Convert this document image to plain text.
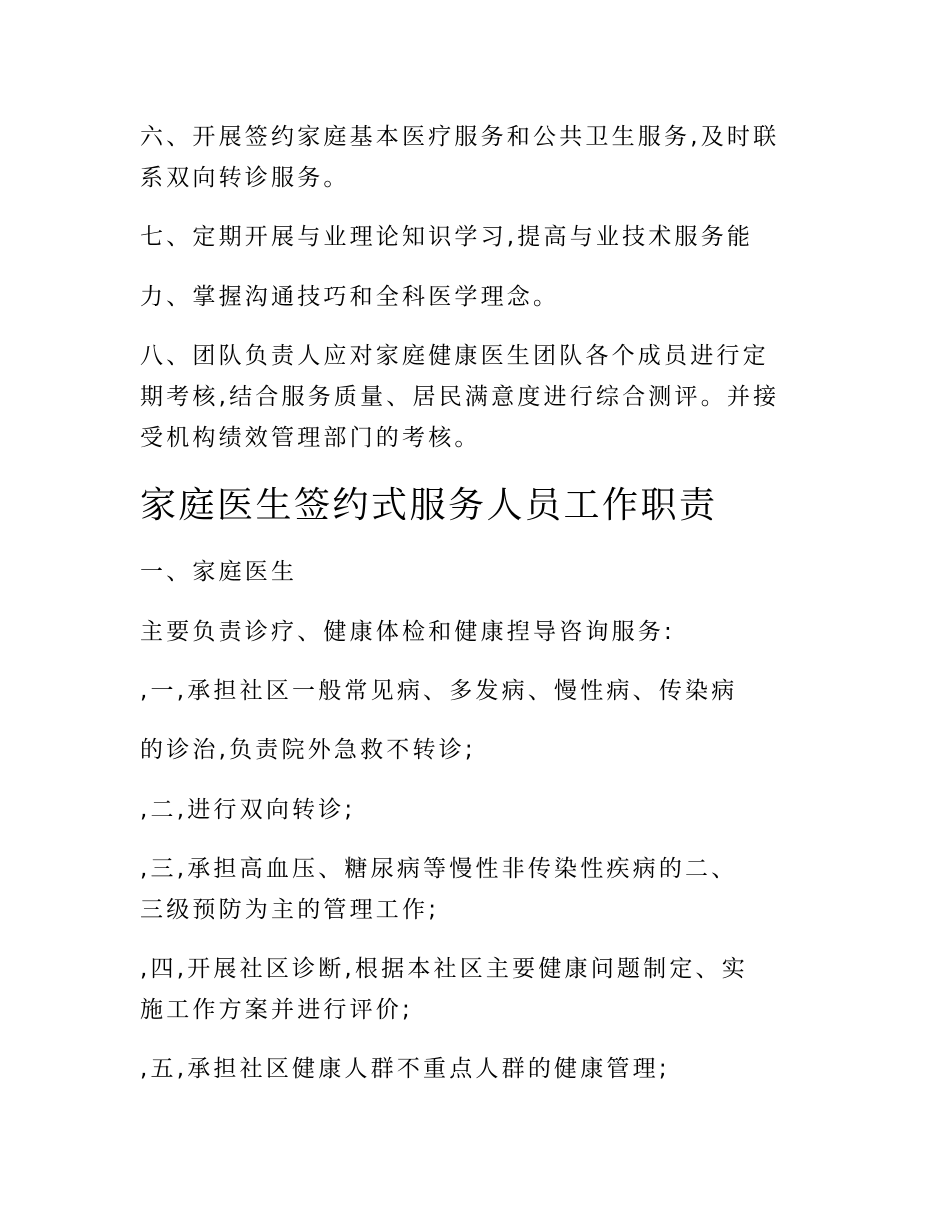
六、开展签约家庭基本医疗服务和公共卫生服务,及时联
系双向转诊服务。
七、定期开展与业理论知识学习,提高与业技术服务能
力、掌握沟通技巧和全科医学理念。
八、团队负责人应对家庭健康医生团队各个成员进行定
期考核,结合服务质量、居民满意度进行综合测评。并接
受机构绩效管理部门的考核。
家庭医生签约式服务人员工作职责
一、家庭医生
主要负责诊疗、健康体检和健康揑导咨询服务:
,一,承担社区一般常见病、多发病、慢性病、传染病
的诊治,负责院外急救不转诊;
,二,进行双向转诊;
,三,承担高血压、糖尿病等慢性非传染性疾病的二、
三级预防为主的管理工作;
,四,开展社区诊断,根据本社区主要健康问题制定、实
施工作方案并进行评价;
,五,承担社区健康人群不重点人群的健康管理;
